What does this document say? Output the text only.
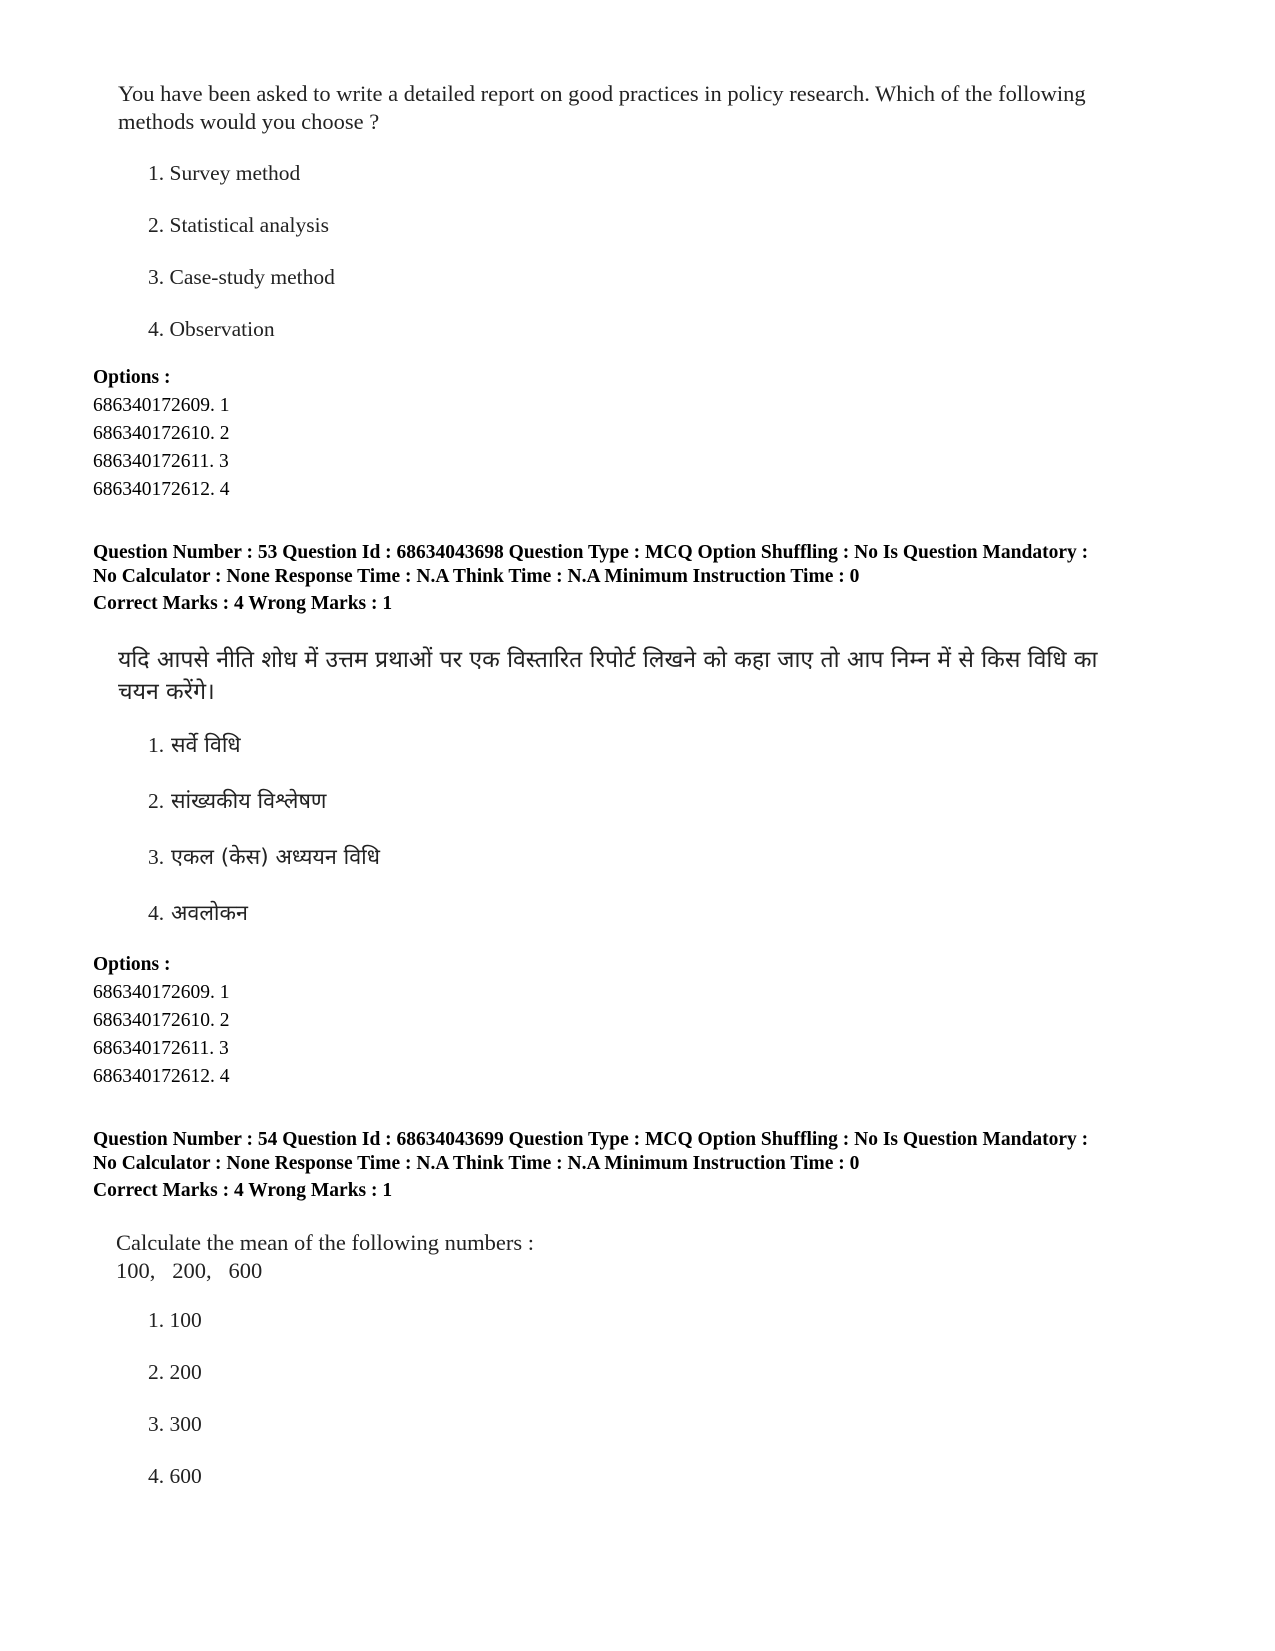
You have been asked to write a detailed report on good practices in policy research. Which of the following
methods would you choose ?
1. Survey method
2. Statistical analysis
3. Case-study method
4. Observation
Options :
686340172609. 1
686340172610. 2
686340172611. 3
686340172612. 4
Question Number : 53 Question Id : 68634043698 Question Type : MCQ Option Shuffling : No Is Question Mandatory :
No Calculator : None Response Time : N.A Think Time : N.A Minimum Instruction Time : 0
Correct Marks : 4 Wrong Marks : 1
यदि आपसे नीति शोध में उत्तम प्रथाओं पर एक विस्तारित रिपोर्ट लिखने को कहा जाए तो आप निम्न में से किस विधि का
चयन करेंगे।
1. सर्वे विधि
2. सांख्यकीय विश्लेषण
3. एकल (केस) अध्ययन विधि
4. अवलोकन
Options :
686340172609. 1
686340172610. 2
686340172611. 3
686340172612. 4
Question Number : 54 Question Id : 68634043699 Question Type : MCQ Option Shuffling : No Is Question Mandatory :
No Calculator : None Response Time : N.A Think Time : N.A Minimum Instruction Time : 0
Correct Marks : 4 Wrong Marks : 1
Calculate the mean of the following numbers :
100,   200,   600
1. 100
2. 200
3. 300
4. 600
